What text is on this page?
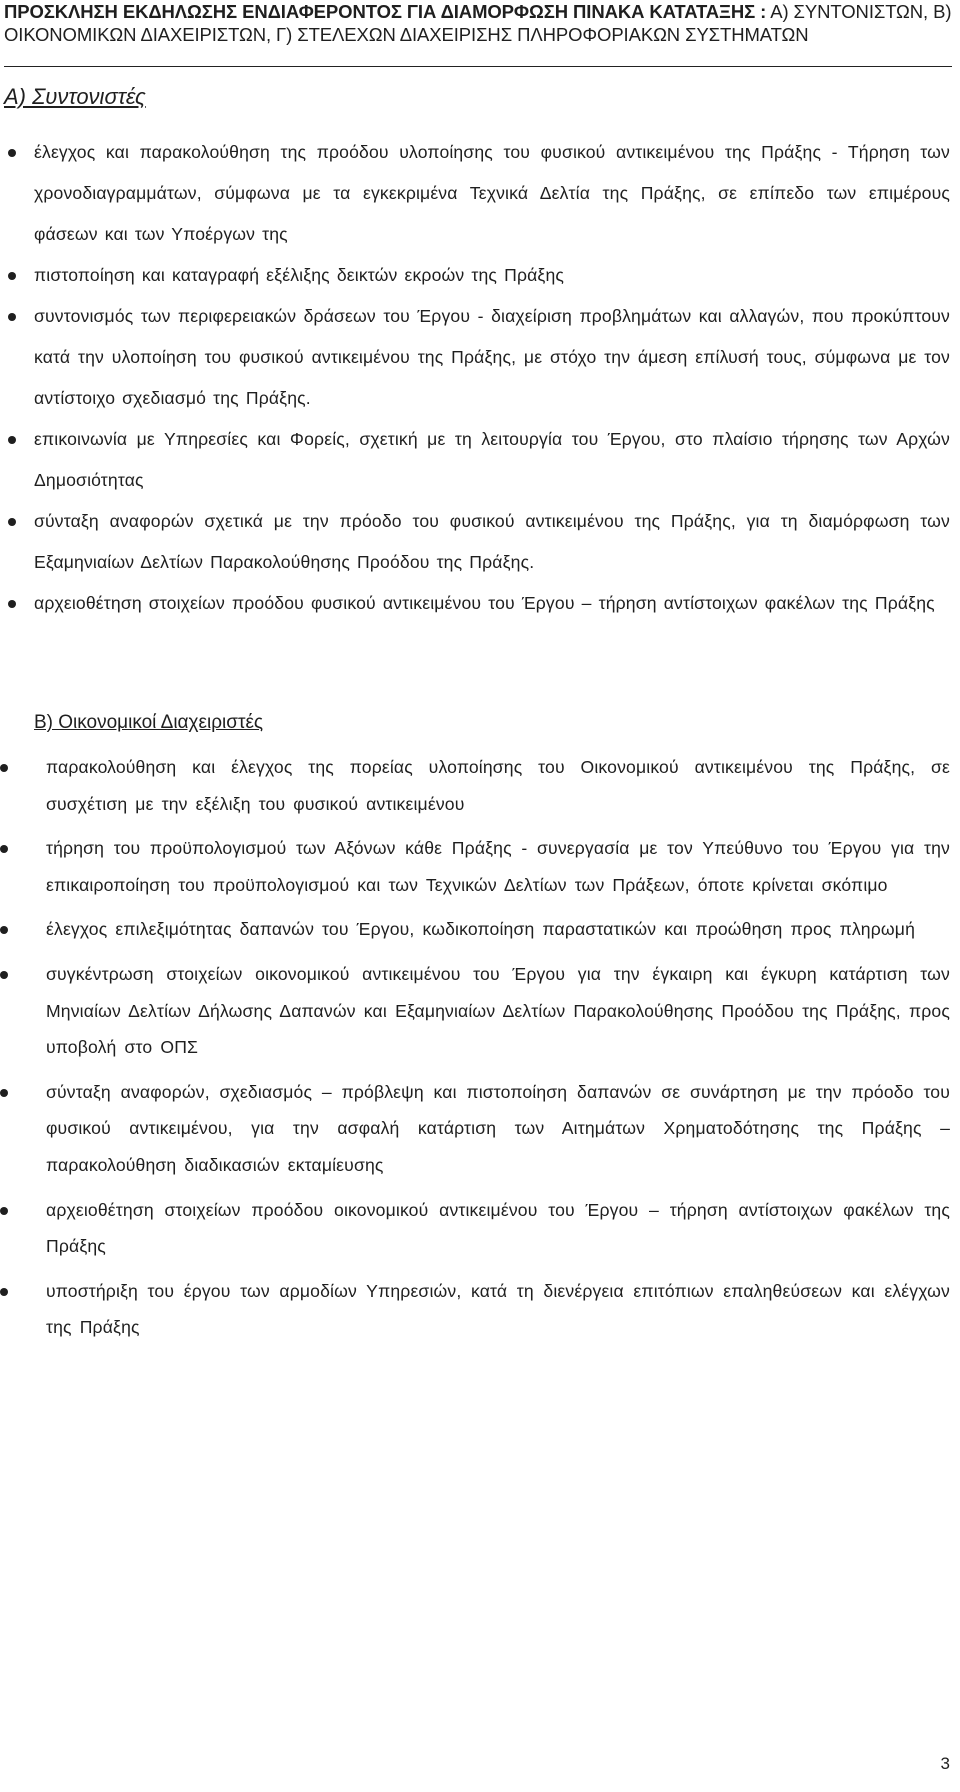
ΠΡΟΣΚΛΗΣΗ ΕΚΔΗΛΩΣΗΣ ΕΝΔΙΑΦΕΡΟΝΤΟΣ ΓΙΑ ΔΙΑΜΟΡΦΩΣΗ ΠΙΝΑΚΑ ΚΑΤΑΤΑΞΗΣ : Α) ΣΥΝΤΟΝΙΣΤΩΝ, Β)
ΟΙΚΟΝΟΜΙΚΩΝ ΔΙΑΧΕΙΡΙΣΤΩΝ, Γ) ΣΤΕΛΕΧΩΝ ΔΙΑΧΕΙΡΙΣΗΣ ΠΛΗΡΟΦΟΡΙΑΚΩΝ ΣΥΣΤΗΜΑΤΩΝ
Α) Συντονιστές
έλεγχος και παρακολούθηση της προόδου υλοποίησης του φυσικού αντικειμένου της Πράξης - Τήρηση των χρονοδιαγραμμάτων, σύμφωνα με τα εγκεκριμένα Τεχνικά Δελτία της Πράξης, σε επίπεδο των επιμέρους φάσεων και των Υποέργων της
πιστοποίηση και καταγραφή εξέλιξης δεικτών εκροών της Πράξης
συντονισμός των περιφερειακών δράσεων του Έργου - διαχείριση προβλημάτων και αλλαγών, που προκύπτουν κατά την υλοποίηση του φυσικού αντικειμένου της Πράξης, με στόχο την άμεση επίλυσή τους, σύμφωνα με τον αντίστοιχο σχεδιασμό της Πράξης.
επικοινωνία με Υπηρεσίες και Φορείς, σχετική με τη λειτουργία του Έργου, στο πλαίσιο τήρησης των Αρχών Δημοσιότητας
σύνταξη αναφορών σχετικά με την πρόοδο του φυσικού αντικειμένου της Πράξης, για τη διαμόρφωση των Εξαμηνιαίων Δελτίων Παρακολούθησης Προόδου της Πράξης.
αρχειοθέτηση στοιχείων προόδου φυσικού αντικειμένου του Έργου – τήρηση αντίστοιχων φακέλων της Πράξης
Β) Οικονομικοί Διαχειριστές
παρακολούθηση και έλεγχος της πορείας υλοποίησης του Οικονομικού αντικειμένου της Πράξης, σε συσχέτιση με την εξέλιξη του φυσικού αντικειμένου
τήρηση του προϋπολογισμού των Αξόνων κάθε Πράξης - συνεργασία με τον Υπεύθυνο του Έργου για την επικαιροποίηση του προϋπολογισμού και των Τεχνικών Δελτίων των Πράξεων, όποτε κρίνεται σκόπιμο
έλεγχος επιλεξιμότητας δαπανών του Έργου, κωδικοποίηση παραστατικών και προώθηση προς πληρωμή
συγκέντρωση στοιχείων οικονομικού αντικειμένου του Έργου για την έγκαιρη και έγκυρη κατάρτιση των Μηνιαίων Δελτίων Δήλωσης Δαπανών και Εξαμηνιαίων Δελτίων Παρακολούθησης Προόδου της Πράξης, προς υποβολή στο ΟΠΣ
σύνταξη αναφορών, σχεδιασμός – πρόβλεψη και πιστοποίηση δαπανών σε συνάρτηση με την πρόοδο του φυσικού αντικειμένου, για την ασφαλή κατάρτιση των Αιτημάτων Χρηματοδότησης της Πράξης – παρακολούθηση διαδικασιών εκταμίευσης
αρχειοθέτηση στοιχείων προόδου οικονομικού αντικειμένου του Έργου – τήρηση αντίστοιχων φακέλων της Πράξης
υποστήριξη του έργου των αρμοδίων Υπηρεσιών, κατά τη διενέργεια επιτόπιων επαληθεύσεων και ελέγχων της Πράξης
3
